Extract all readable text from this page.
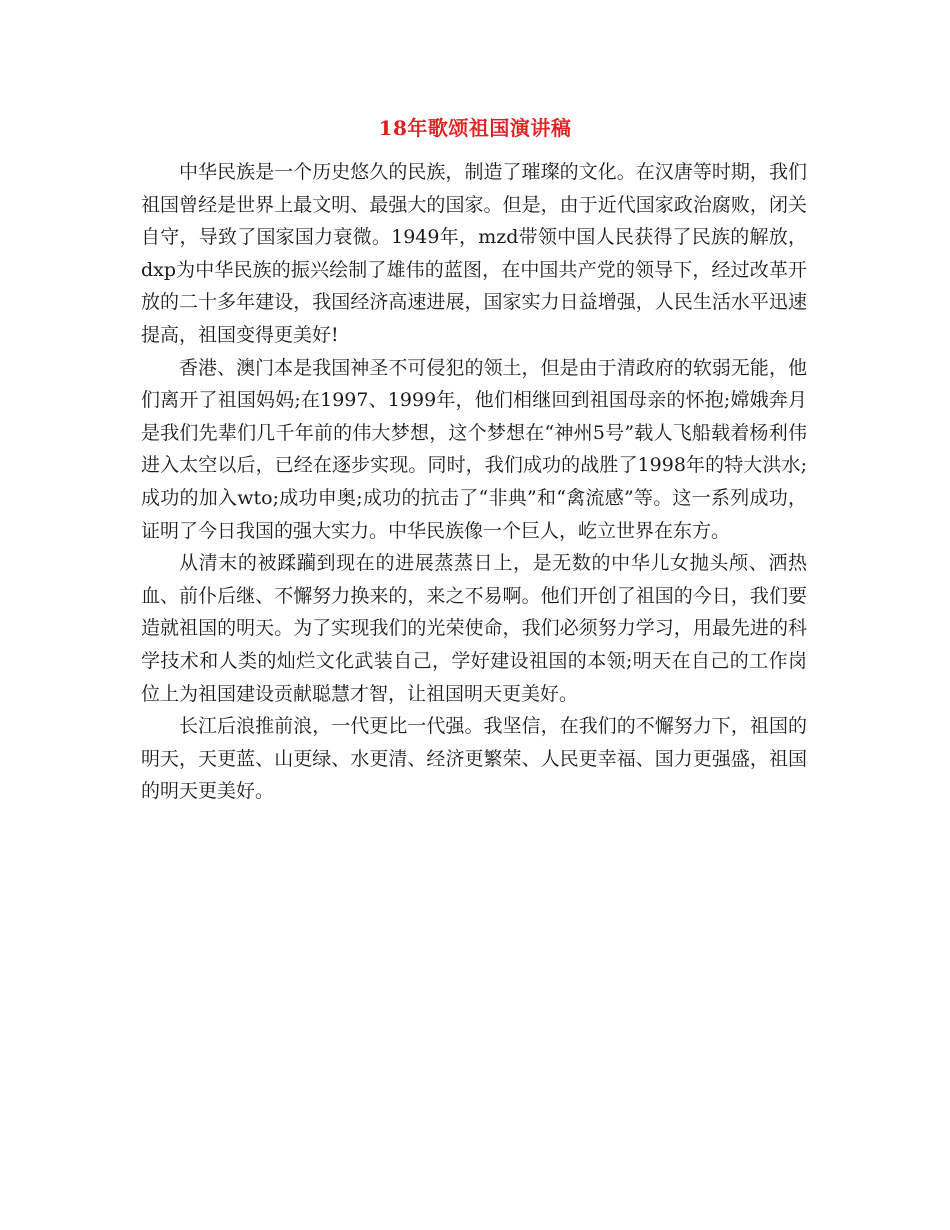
18年歌颂祖国演讲稿

中华民族是一个历史悠久的民族，制造了璀璨的文化。在汉唐等时期，我们祖国曾经是世界上最文明、最强大的国家。但是，由于近代国家政治腐败，闭关自守，导致了国家国力衰微。1949年，mzd带领中国人民获得了民族的解放，dxp为中华民族的振兴绘制了雄伟的蓝图，在中国共产党的领导下，经过改革开放的二十多年建设，我国经济高速进展，国家实力日益增强，人民生活水平迅速提高，祖国变得更美好!

香港、澳门本是我国神圣不可侵犯的领土，但是由于清政府的软弱无能，他们离开了祖国妈妈;在1997、1999年，他们相继回到祖国母亲的怀抱;嫦娥奔月是我们先辈们几千年前的伟大梦想，这个梦想在“神州5号”载人飞船载着杨利伟进入太空以后，已经在逐步实现。同时，我们成功的战胜了1998年的特大洪水;成功的加入wto;成功申奥;成功的抗击了“非典”和“禽流感”等。这一系列成功，证明了今日我国的强大实力。中华民族像一个巨人，屹立世界在东方。

从清末的被蹂躏到现在的进展蒸蒸日上，是无数的中华儿女抛头颅、洒热血、前仆后继、不懈努力换来的，来之不易啊。他们开创了祖国的今日，我们要造就祖国的明天。为了实现我们的光荣使命，我们必须努力学习，用最先进的科学技术和人类的灿烂文化武装自己，学好建设祖国的本领;明天在自己的工作岗位上为祖国建设贡献聪慧才智，让祖国明天更美好。

长江后浪推前浪，一代更比一代强。我坚信，在我们的不懈努力下，祖国的明天，天更蓝、山更绿、水更清、经济更繁荣、人民更幸福、国力更强盛，祖国的明天更美好。
